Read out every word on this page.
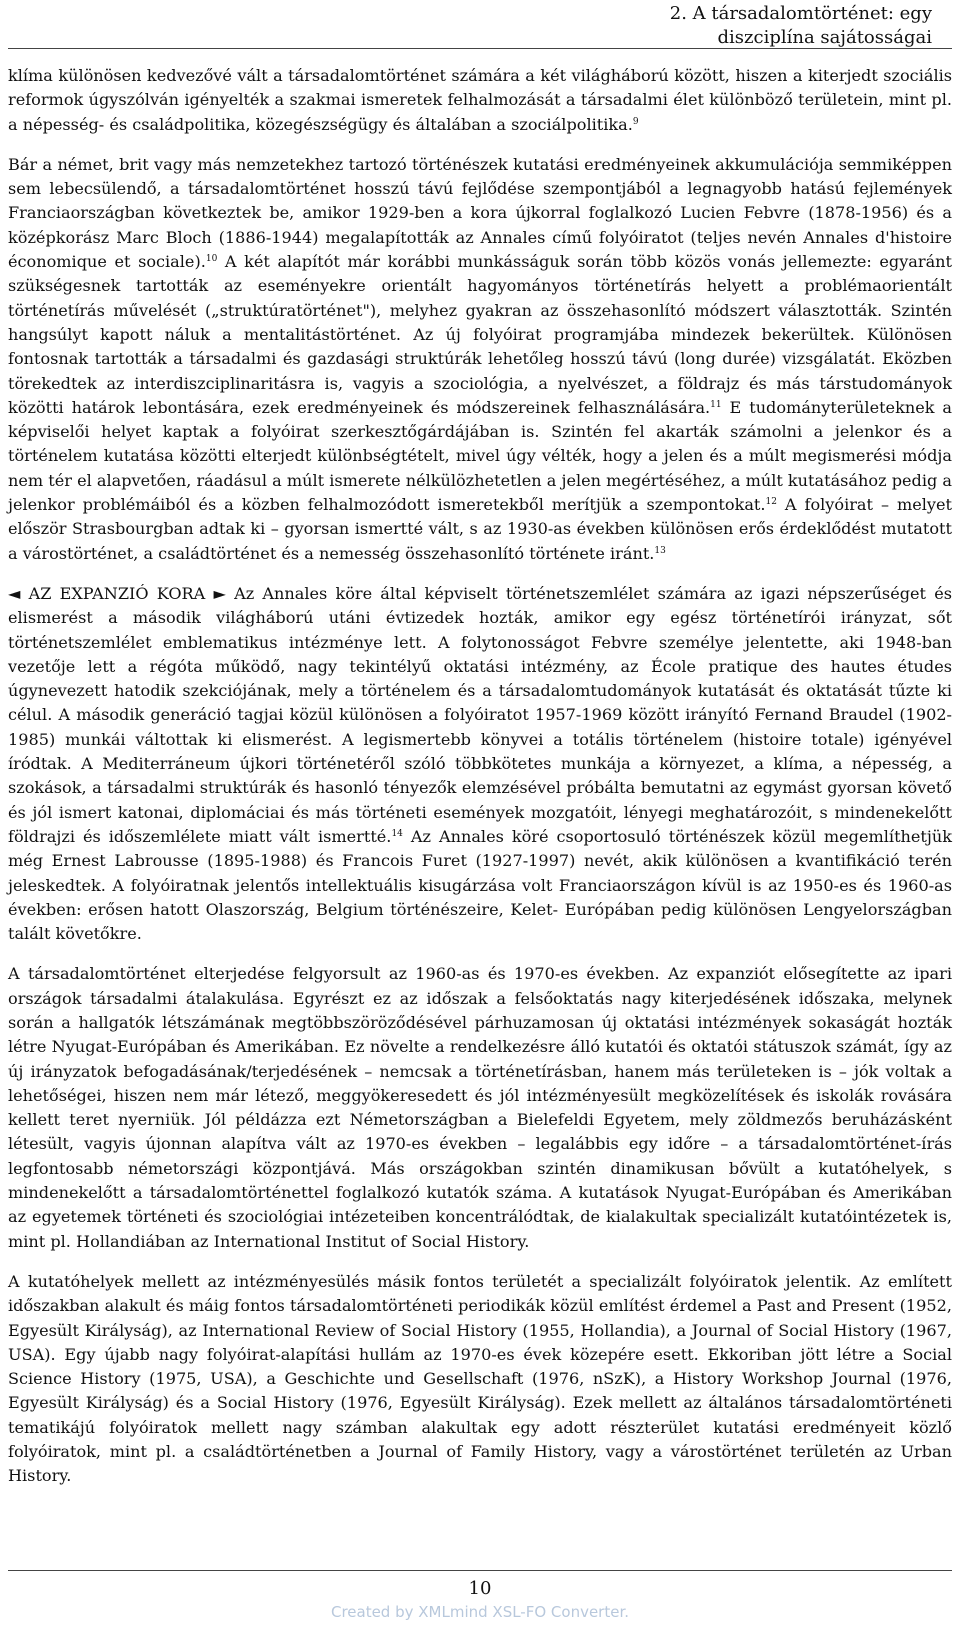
2. A társadalomtörténet: egy
diszciplína sajátosságai

klíma különösen kedvezővé vált a társadalomtörténet számára a két világháború között, hiszen a kiterjedt szociális reformok úgyszólván igényelték a szakmai ismeretek felhalmozását a társadalmi élet különböző területein, mint pl. a népesség- és családpolitika, közegészségügy és általában a szociálpolitika.$^9$

Bár a német, brit vagy más nemzetekhez tartozó történészek kutatási eredményeinek akkumulációja semmiképpen sem lebecsülendő, a társadalomtörténet hosszú távú fejlődése szempontjából a legnagyobb hatású fejlemények Franciaországban következtek be, amikor 1929-ben a kora újkorral foglalkozó Lucien Febvre (1878-1956) és a középkorász Marc Bloch (1886-1944) megalapították az Annales című folyóiratot (teljes nevén Annales d'histoire économique et sociale).$^{10}$ A két alapítót már korábbi munkásságuk során több közös vonás jellemezte: egyaránt szükségesnek tartották az eseményekre orientált hagyományos történetírás helyett a problémaorientált történetírás művelését („struktúratörténet"), melyhez gyakran az összehasonlító módszert választották. Szintén hangsúlyt kapott náluk a mentalitástörténet. Az új folyóirat programjába mindezek bekerültek. Különösen fontosnak tartották a társadalmi és gazdasági struktúrák lehetőleg hosszú távú (long durée) vizsgálatát. Eközben törekedtek az interdiszciplinaritásra is, vagyis a szociológia, a nyelvészet, a földrajz és más társtudományok közötti határok lebontására, ezek eredményeinek és módszereinek felhasználására.$^{11}$ E tudományterületeknek a képviselői helyet kaptak a folyóirat szerkesztőgárdájában is. Szintén fel akarták számolni a jelenkor és a történelem kutatása közötti elterjedt különbségtételt, mivel úgy vélték, hogy a jelen és a múlt megismerési módja nem tér el alapvetően, ráadásul a múlt ismerete nélkülözhetetlen a jelen megértéséhez, a múlt kutatásához pedig a jelenkor problémáiból és a közben felhalmozódott ismeretekből merítjük a szempontokat.$^{12}$ A folyóirat – melyet először Strasbourgban adtak ki – gyorsan ismertté vált, s az 1930-as években különösen erős érdeklődést mutatott a várostörténet, a családtörténet és a nemesség összehasonlító története iránt.$^{13}$

◄ AZ EXPANZIÓ KORA ► Az Annales köre által képviselt történetszemlélet számára az igazi népszerűséget és elismerést a második világháború utáni évtizedek hozták, amikor egy egész történetírói irányzat, sőt történetszemlélet emblematikus intézménye lett. A folytonosságot Febvre személye jelentette, aki 1948-ban vezetője lett a régóta működő, nagy tekintélyű oktatási intézmény, az École pratique des hautes études úgynevezett hatodik szekciójának, mely a történelem és a társadalomtudományok kutatását és oktatását tűzte ki célul. A második generáció tagjai közül különösen a folyóiratot 1957-1969 között irányító Fernand Braudel (1902-1985) munkái váltottak ki elismerést. A legismertebb könyvei a totális történelem (histoire totale) igényével íródtak. A Mediterráneum újkori történetéről szóló többkötetes munkája a környezet, a klíma, a népesség, a szokások, a társadalmi struktúrák és hasonló tényezők elemzésével próbálta bemutatni az egymást gyorsan követő és jól ismert katonai, diplomáciai és más történeti események mozgatóit, lényegi meghatározóit, s mindenekelőtt földrajzi és időszemlélete miatt vált ismertté.$^{14}$ Az Annales köré csoportosuló történészek közül megemlíthetjük még Ernest Labrousse (1895-1988) és Francois Furet (1927-1997) nevét, akik különösen a kvantifikáció terén jeleskedtek. A folyóiratnak jelentős intellektuális kisugárzása volt Franciaországon kívül is az 1950-es és 1960-as években: erősen hatott Olaszország, Belgium történészeire, Kelet- Európában pedig különösen Lengyelországban talált követőkre.

A társadalomtörténet elterjedése felgyorsult az 1960-as és 1970-es években. Az expanziót elősegítette az ipari országok társadalmi átalakulása. Egyrészt ez az időszak a felsőoktatás nagy kiterjedésének időszaka, melynek során a hallgatók létszámának megtöbbszöröződésével párhuzamosan új oktatási intézmények sokaságát hozták létre Nyugat-Európában és Amerikában. Ez növelte a rendelkezésre álló kutatói és oktatói státuszok számát, így az új irányzatok befogadásának/terjedésének – nemcsak a történetírásban, hanem más területeken is – jók voltak a lehetőségei, hiszen nem már létező, meggyökeresedett és jól intézményesült megközelítések és iskolák rovására kellett teret nyerniük. Jól példázza ezt Németországban a Bielefeldi Egyetem, mely zöldmezős beruházásként létesült, vagyis újonnan alapítva vált az 1970-es években – legalábbis egy időre – a társadalomtörténet-írás legfontosabb németországi központjává. Más országokban szintén dinamikusan bővült a kutatóhelyek, s mindenekelőtt a társadalomtörténettel foglalkozó kutatók száma. A kutatások Nyugat-Európában és Amerikában az egyetemek történeti és szociológiai intézeteiben koncentrálódtak, de kialakultak specializált kutatóintézetek is, mint pl. Hollandiában az International Institut of Social History.

A kutatóhelyek mellett az intézményesülés másik fontos területét a specializált folyóiratok jelentik. Az említett időszakban alakult és máig fontos társadalomtörténeti periodikák közül említést érdemel a Past and Present (1952, Egyesült Királyság), az International Review of Social History (1955, Hollandia), a Journal of Social History (1967, USA). Egy újabb nagy folyóirat-alapítási hullám az 1970-es évek közepére esett. Ekkoriban jött létre a Social Science History (1975, USA), a Geschichte und Gesellschaft (1976, nSzK), a History Workshop Journal (1976, Egyesült Királyság) és a Social History (1976, Egyesült Királyság). Ezek mellett az általános társadalomtörténeti tematikájú folyóiratok mellett nagy számban alakultak egy adott részterület kutatási eredményeit közlő folyóiratok, mint pl. a családtörténetben a Journal of Family History, vagy a várostörténet területén az Urban History.

10
Created by XMLmind XSL-FO Converter.
